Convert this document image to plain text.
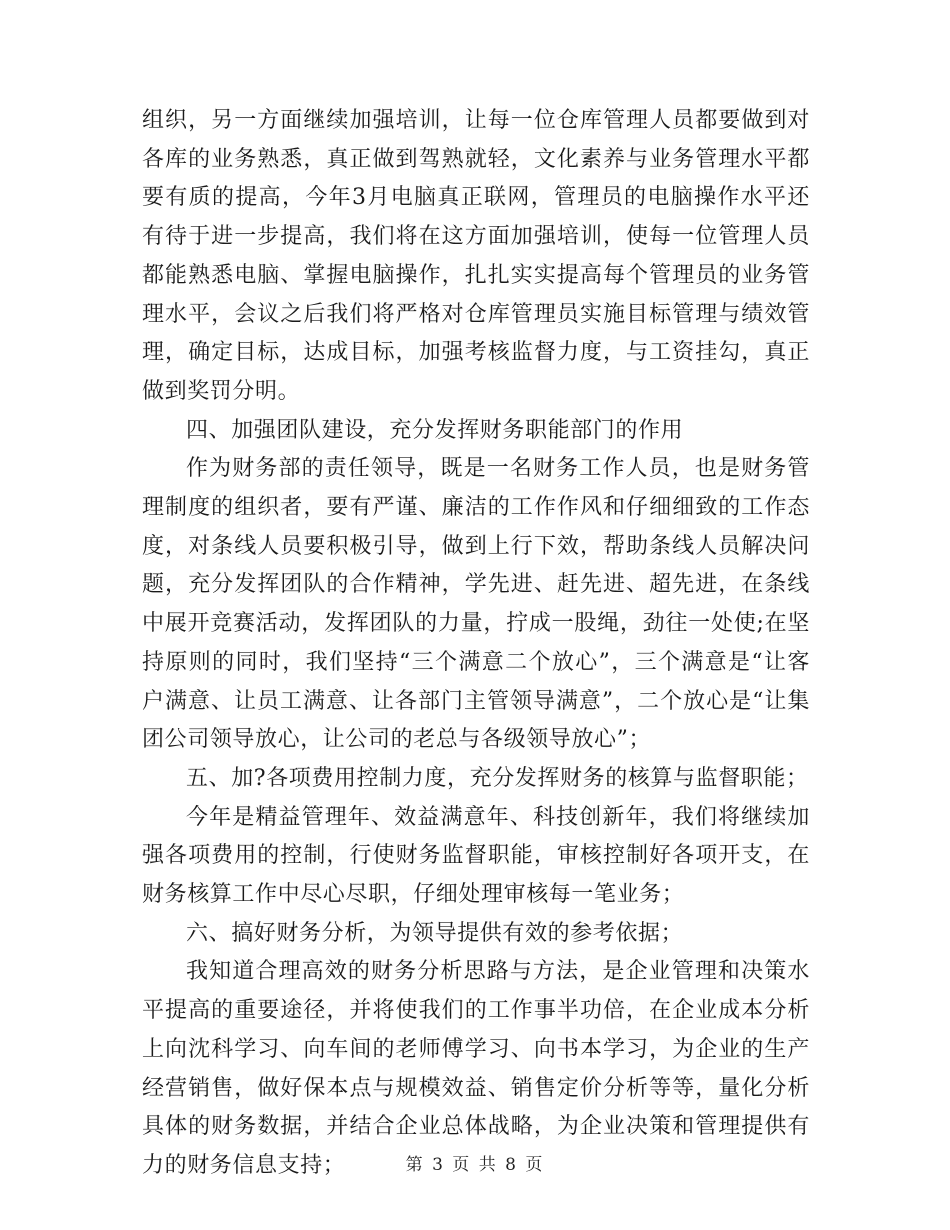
组织，另一方面继续加强培训，让每一位仓库管理人员都要做到对各库的业务熟悉，真正做到驾熟就轻，文化素养与业务管理水平都要有质的提高，今年3月电脑真正联网，管理员的电脑操作水平还有待于进一步提高，我们将在这方面加强培训，使每一位管理人员都能熟悉电脑、掌握电脑操作，扎扎实实提高每个管理员的业务管理水平，会议之后我们将严格对仓库管理员实施目标管理与绩效管理，确定目标，达成目标，加强考核监督力度，与工资挂勾，真正做到奖罚分明。

四、加强团队建设，充分发挥财务职能部门的作用

作为财务部的责任领导，既是一名财务工作人员，也是财务管理制度的组织者，要有严谨、廉洁的工作作风和仔细细致的工作态度，对条线人员要积极引导，做到上行下效，帮助条线人员解决问题，充分发挥团队的合作精神，学先进、赶先进、超先进，在条线中展开竞赛活动，发挥团队的力量，拧成一股绳，劲往一处使;在坚持原则的同时，我们坚持“三个满意二个放心”，三个满意是“让客户满意、让员工满意、让各部门主管领导满意”，二个放心是“让集团公司领导放心，让公司的老总与各级领导放心”；

五、加?各项费用控制力度，充分发挥财务的核算与监督职能；

今年是精益管理年、效益满意年、科技创新年，我们将继续加强各项费用的控制，行使财务监督职能，审核控制好各项开支，在财务核算工作中尽心尽职，仔细处理审核每一笔业务；

六、搞好财务分析，为领导提供有效的参考依据；

我知道合理高效的财务分析思路与方法，是企业管理和决策水平提高的重要途径，并将使我们的工作事半功倍，在企业成本分析上向沈科学习、向车间的老师傅学习、向书本学习，为企业的生产经营销售，做好保本点与规模效益、销售定价分析等等，量化分析具体的财务数据，并结合企业总体战略，为企业决策和管理提供有力的财务信息支持；	第 3 页 共 8 页
